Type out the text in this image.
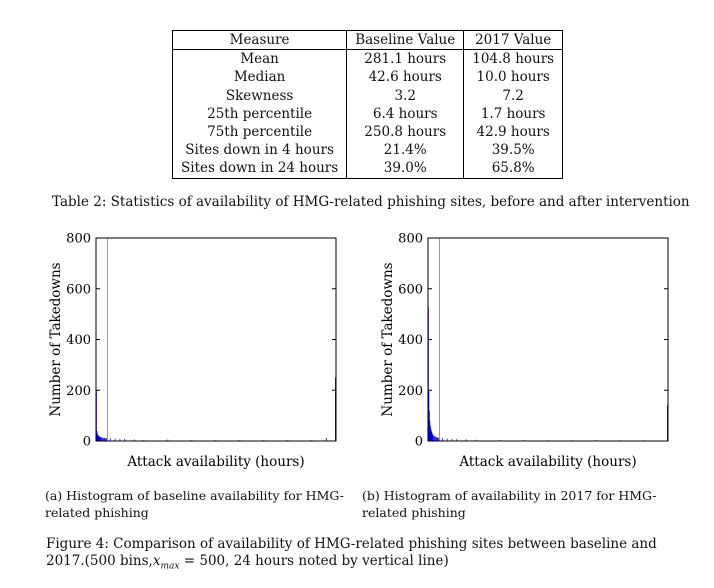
Measure	Baseline Value	2017 Value
Mean	281.1 hours	104.8 hours
Median	42.6 hours	10.0 hours
Skewness	3.2	7.2
25th percentile	6.4 hours	1.7 hours
75th percentile	250.8 hours	42.9 hours
Sites down in 4 hours	21.4%	39.5%
Sites down in 24 hours	39.0%	65.8%
Table 2: Statistics of availability of HMG-related phishing sites, before and after intervention
0
200
400
600
800
Attack availability (hours)
Number of Takedowns
0
200
400
600
800
Attack availability (hours)
Number of Takedowns
(a) Histogram of baseline availability for HMG-related phishing
(b) Histogram of availability in 2017 for HMG-related phishing
Figure 4: Comparison of availability of HMG-related phishing sites between baseline and
2017.(500 $bins,x_{max} = 500$, 24 hours noted by vertical line)
